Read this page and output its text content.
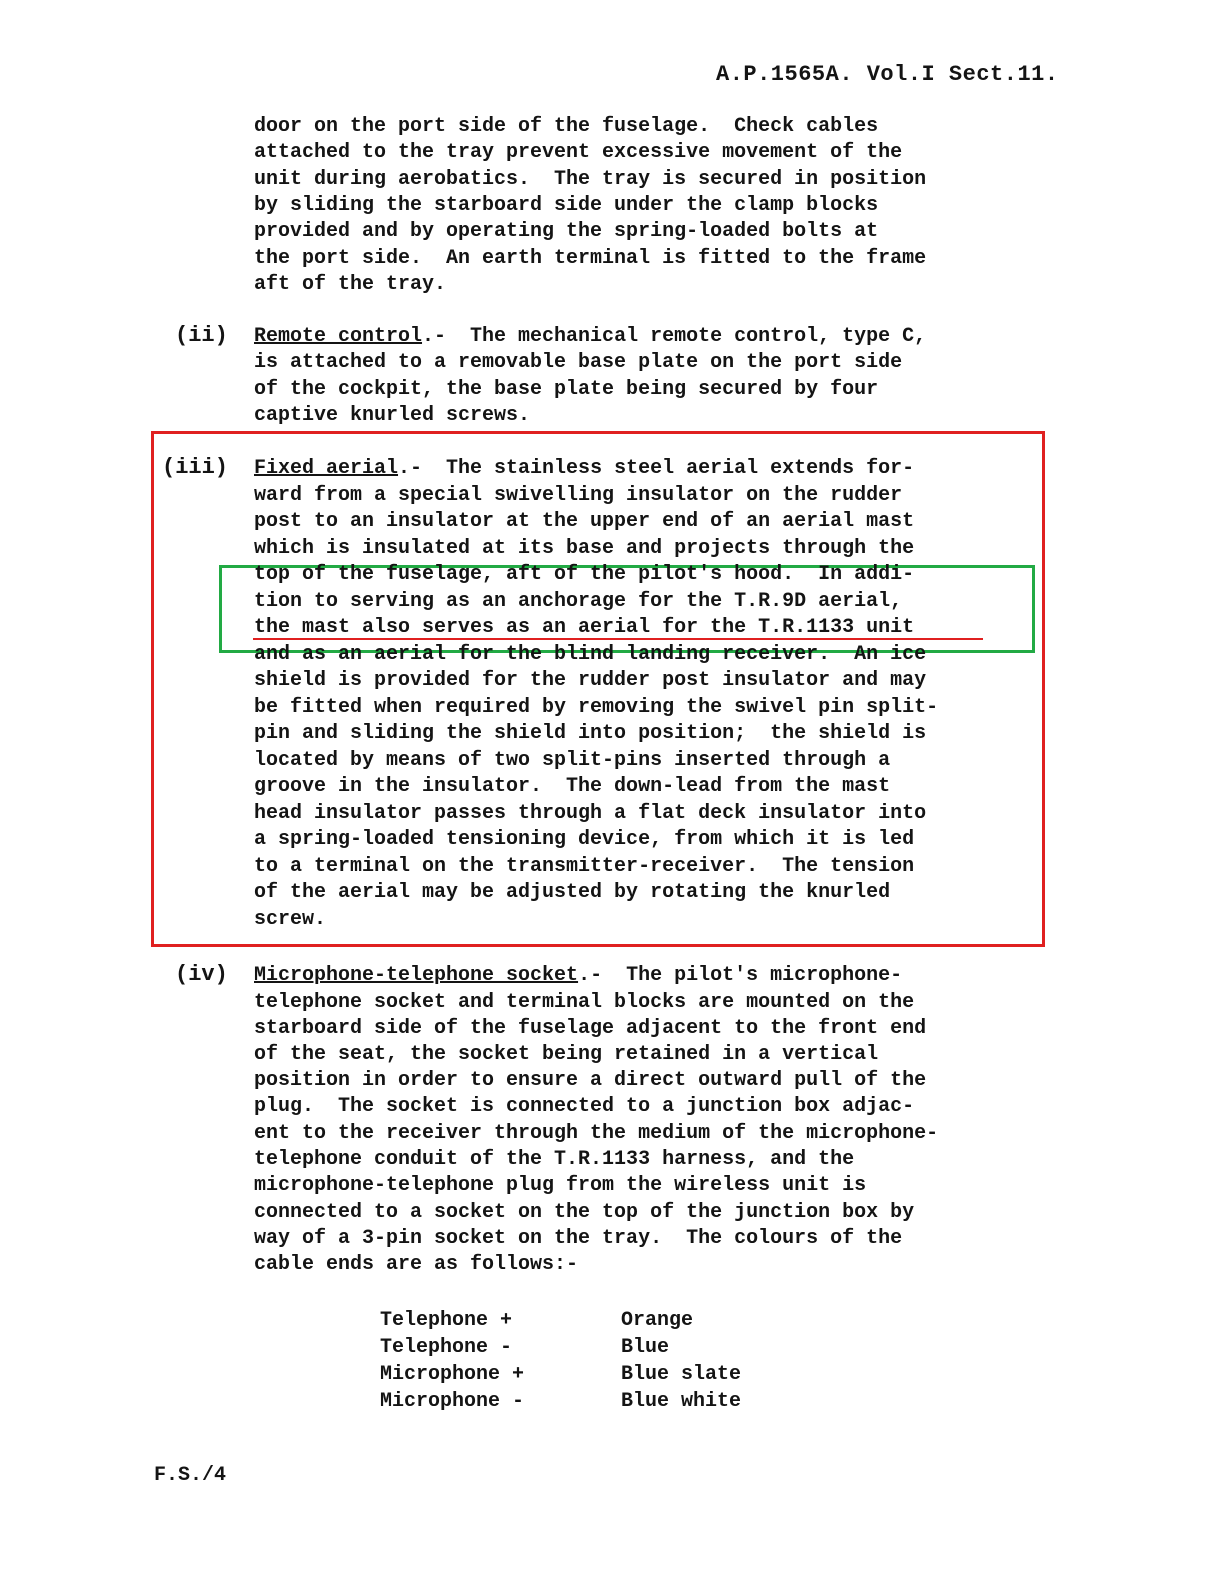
A.P.1565A. Vol.I Sect.11.
door on the port side of the fuselage.  Check cables
attached to the tray prevent excessive movement of the
unit during aerobatics.  The tray is secured in position
by sliding the starboard side under the clamp blocks
provided and by operating the spring-loaded bolts at
the port side.  An earth terminal is fitted to the frame
aft of the tray.
(ii) Remote control.-  The mechanical remote control, type C,
is attached to a removable base plate on the port side
of the cockpit, the base plate being secured by four
captive knurled screws.
(iii) Fixed aerial.-  The stainless steel aerial extends for-
ward from a special swivelling insulator on the rudder
post to an insulator at the upper end of an aerial mast
which is insulated at its base and projects through the
top of the fuselage, aft of the pilot's hood.  In addi-
tion to serving as an anchorage for the T.R.9D aerial,
the mast also serves as an aerial for the T.R.1133 unit
and as an aerial for the blind landing receiver.  An ice
shield is provided for the rudder post insulator and may
be fitted when required by removing the swivel pin split-
pin and sliding the shield into position;  the shield is
located by means of two split-pins inserted through a
groove in the insulator.  The down-lead from the mast
head insulator passes through a flat deck insulator into
a spring-loaded tensioning device, from which it is led
to a terminal on the transmitter-receiver.  The tension
of the aerial may be adjusted by rotating the knurled
screw.
(iv) Microphone-telephone socket.-  The pilot's microphone-
telephone socket and terminal blocks are mounted on the
starboard side of the fuselage adjacent to the front end
of the seat, the socket being retained in a vertical
position in order to ensure a direct outward pull of the
plug.  The socket is connected to a junction box adjac-
ent to the receiver through the medium of the microphone-
telephone conduit of the T.R.1133 harness, and the
microphone-telephone plug from the wireless unit is
connected to a socket on the top of the junction box by
way of a 3-pin socket on the tray.  The colours of the
cable ends are as follows:-
Telephone +	Orange
Telephone -	Blue
Microphone +	Blue slate
Microphone -	Blue white
F.S./4
